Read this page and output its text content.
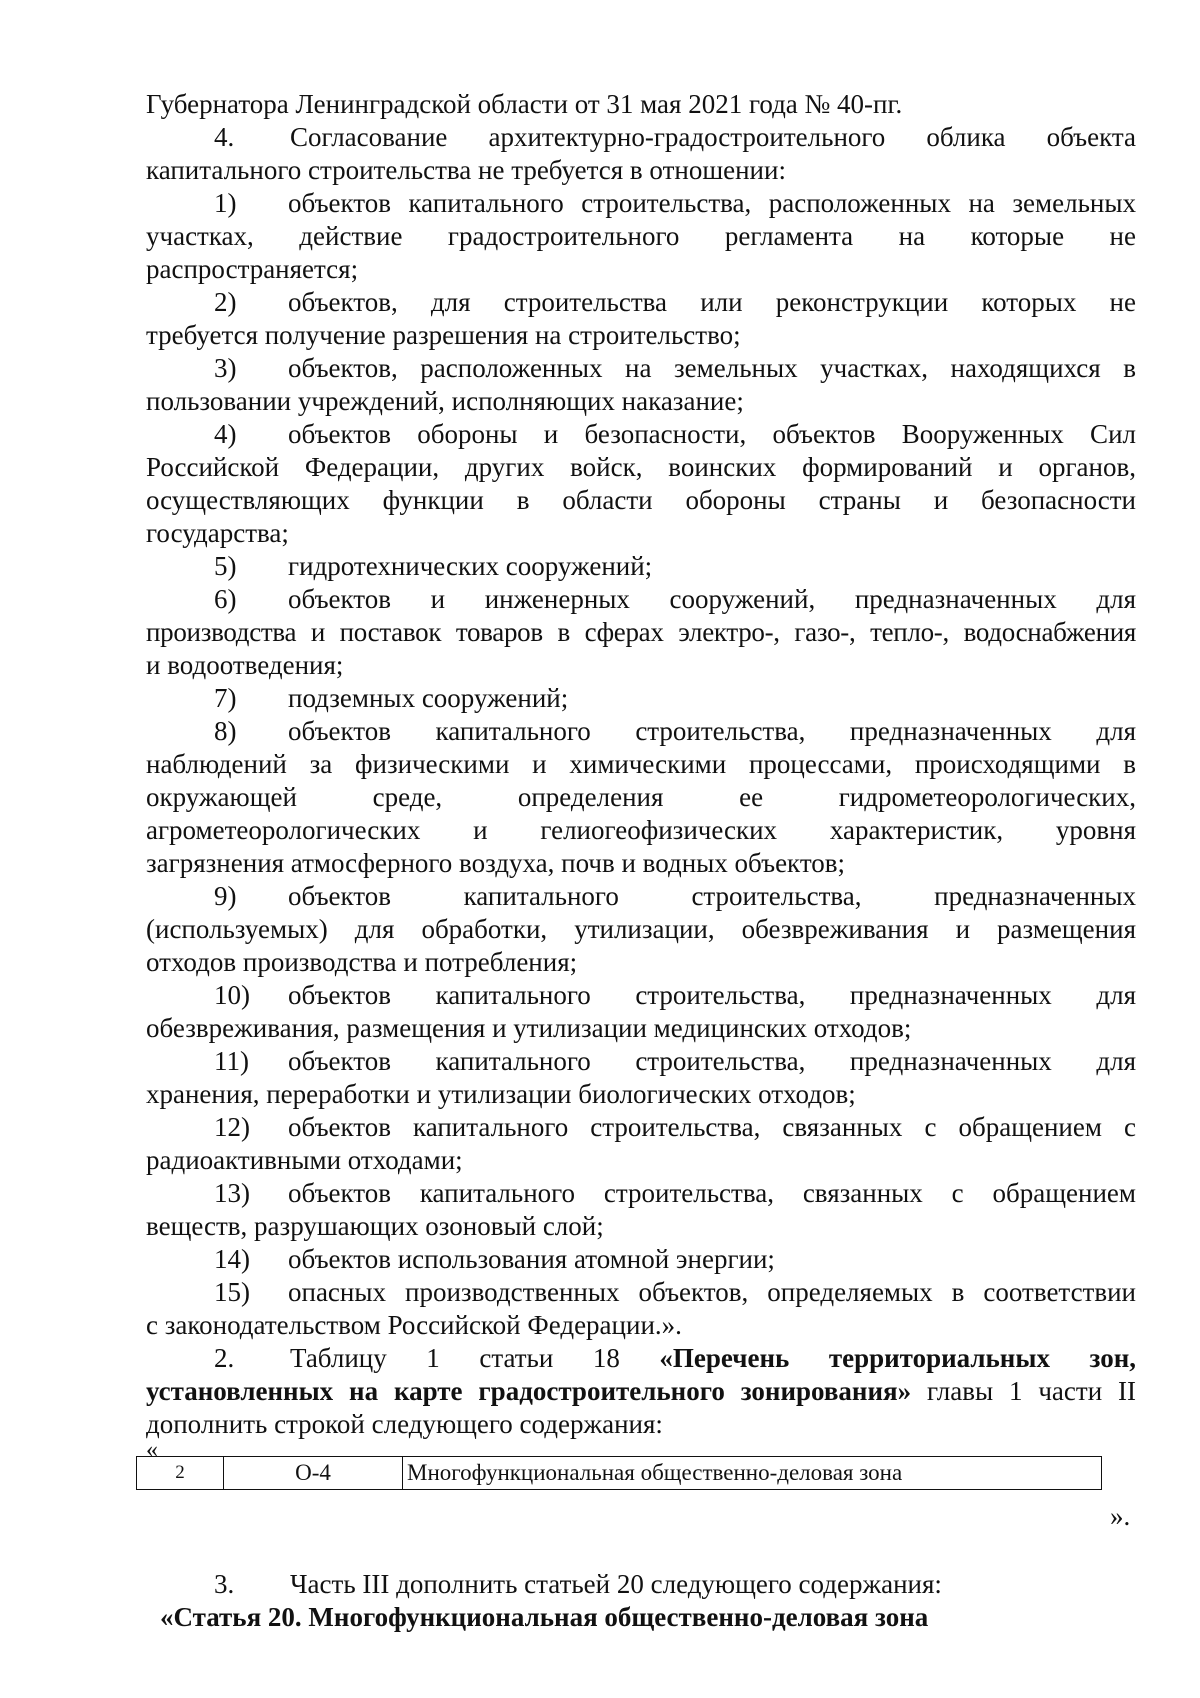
Губернатора Ленинградской области от 31 мая 2021 года № 40-пг.
4. Согласование архитектурно-градостроительного облика объекта
капитального строительства не требуется в отношении:
1) объектов капитального строительства, расположенных на земельных
участках, действие градостроительного регламента на которые не
распространяется;
2) объектов, для строительства или реконструкции которых не
требуется получение разрешения на строительство;
3) объектов, расположенных на земельных участках, находящихся в
пользовании учреждений, исполняющих наказание;
4) объектов обороны и безопасности, объектов Вооруженных Сил
Российской Федерации, других войск, воинских формирований и органов,
осуществляющих функции в области обороны страны и безопасности
государства;
5) гидротехнических сооружений;
6) объектов и инженерных сооружений, предназначенных для
производства и поставок товаров в сферах электро-, газо-, тепло-, водоснабжения
и водоотведения;
7) подземных сооружений;
8) объектов капитального строительства, предназначенных для
наблюдений за физическими и химическими процессами, происходящими в
окружающей среде, определения ее гидрометеорологических,
агрометеорологических и гелиогеофизических характеристик, уровня
загрязнения атмосферного воздуха, почв и водных объектов;
9) объектов капитального строительства, предназначенных
(используемых) для обработки, утилизации, обезвреживания и размещения
отходов производства и потребления;
10) объектов капитального строительства, предназначенных для
обезвреживания, размещения и утилизации медицинских отходов;
11) объектов капитального строительства, предназначенных для
хранения, переработки и утилизации биологических отходов;
12) объектов капитального строительства, связанных с обращением с
радиоактивными отходами;
13) объектов капитального строительства, связанных с обращением
веществ, разрушающих озоновый слой;
14) объектов использования атомной энергии;
15) опасных производственных объектов, определяемых в соответствии
с законодательством Российской Федерации.».
2. Таблицу 1 статьи 18 «Перечень территориальных зон,
установленных на карте градостроительного зонирования» главы 1 части II
дополнить строкой следующего содержания:
«
2	О-4	Многофункциональная общественно-деловая зона
».
3. Часть III дополнить статьей 20 следующего содержания:
«Статья 20. Многофункциональная общественно-деловая зона
